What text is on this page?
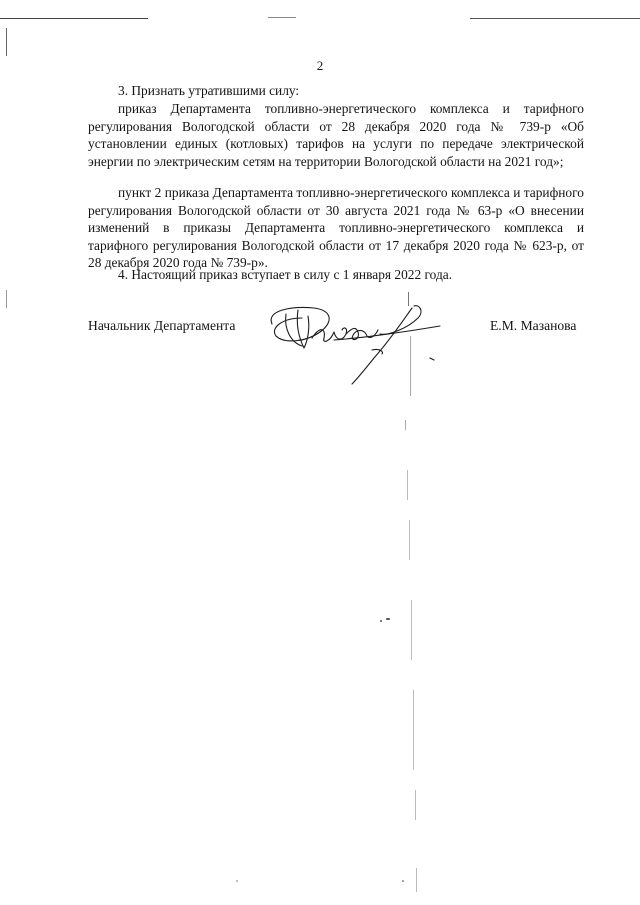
2

3. Признать утратившими силу:

приказ Департамента топливно-энергетического комплекса и тарифного регулирования Вологодской области от 28 декабря 2020 года № 739-р «Об установлении единых (котловых) тарифов на услуги по передаче электрической энергии по электрическим сетям на территории Вологодской области на 2021 год»;

пункт 2 приказа Департамента топливно-энергетического комплекса и тарифного регулирования Вологодской области от 30 августа 2021 года № 63-р «О внесении изменений в приказы Департамента топливно-энергетического комплекса и тарифного регулирования Вологодской области от 17 декабря 2020 года № 623-р, от 28 декабря 2020 года № 739-р».

4. Настоящий приказ вступает в силу с 1 января 2022 года.

Начальник Департамента	Е.М. Мазанова
